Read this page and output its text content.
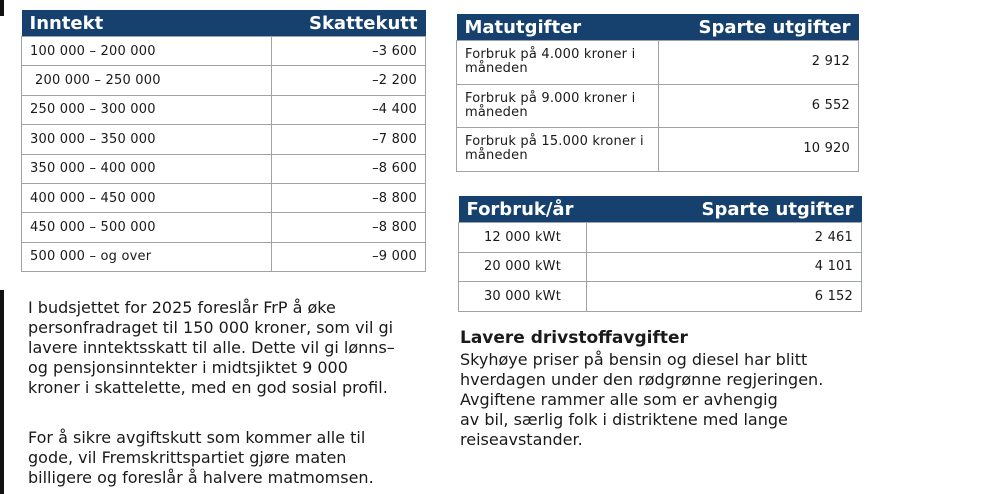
Inntekt	Skattekutt
100 000 – 200 000	–3 600
200 000 – 250 000	–2 200
250 000 – 300 000	–4 400
300 000 – 350 000	–7 800
350 000 – 400 000	–8 600
400 000 – 450 000	–8 800
450 000 – 500 000	–8 800
500 000 – og over	–9 000
Matutgifter	Sparte utgifter
Forbruk på 4.000 kroner i måneden	2 912
Forbruk på 9.000 kroner i måneden	6 552
Forbruk på 15.000 kroner i måneden	10 920
Forbruk/år	Sparte utgifter
12 000 kWt	2 461
20 000 kWt	4 101
30 000 kWt	6 152

I budsjettet for 2025 foreslår FrP å øke
personfradraget til 150 000 kroner, som vil gi
lavere inntektsskatt til alle. Dette vil gi lønns–
og pensjonsinntekter i midtsjiktet 9 000
kroner i skattelette, med en god sosial profil.

For å sikre avgiftskutt som kommer alle til
gode, vil Fremskrittspartiet gjøre maten
billigere og foreslår å halvere matmomsen.

Lavere drivstoffavgifter

Skyhøye priser på bensin og diesel har blitt
hverdagen under den rødgrønne regjeringen.
Avgiftene rammer alle som er avhengig
av bil, særlig folk i distriktene med lange
reiseavstander.
